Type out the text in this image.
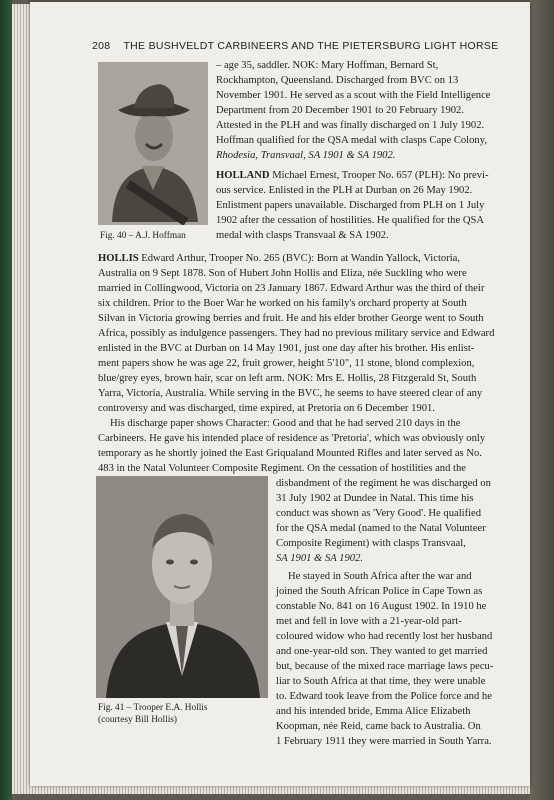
208 THE BUSHVELDT CARBINEERS AND THE PIETERSBURG LIGHT HORSE
Fig. 40 – A.J. Hoffman
– age 35, saddler. NOK: Mary Hoffman, Bernard St,
Rockhampton, Queensland. Discharged from BVC on 13
November 1901. He served as a scout with the Field Intelligence
Department from 20 December 1901 to 20 February 1902.
Attested in the PLH and was finally discharged on 1 July 1902.
Hoffman qualified for the QSA medal with clasps Cape Colony,
Rhodesia, Transvaal, SA 1901 & SA 1902.
HOLLAND Michael Ernest, Trooper No. 657 (PLH): No previ-
ous service. Enlisted in the PLH at Durban on 26 May 1902.
Enlistment papers unavailable. Discharged from PLH on 1 July
1902 after the cessation of hostilities. He qualified for the QSA
medal with clasps Transvaal & SA 1902.
HOLLIS Edward Arthur, Trooper No. 265 (BVC): Born at Wandin Yallock, Victoria,
Australia on 9 Sept 1878. Son of Hubert John Hollis and Eliza, née Suckling who were
married in Collingwood, Victoria on 23 January 1867. Edward Arthur was the third of their
six children. Prior to the Boer War he worked on his family's orchard property at South
Silvan in Victoria growing berries and fruit. He and his elder brother George went to South
Africa, possibly as indulgence passengers. They had no previous military service and Edward
enlisted in the BVC at Durban on 14 May 1901, just one day after his brother. His enlist-
ment papers show he was age 22, fruit grower, height 5'10", 11 stone, blond complexion,
blue/grey eyes, brown hair, scar on left arm. NOK: Mrs E. Hollis, 28 Fitzgerald St, South
Yarra, Victoria, Australia. While serving in the BVC, he seems to have steered clear of any
controversy and was discharged, time expired, at Pretoria on 6 December 1901.
His discharge paper shows Character: Good and that he had served 210 days in the
Carbineers. He gave his intended place of residence as 'Pretoria', which was obviously only
temporary as he shortly joined the East Griqualand Mounted Rifles and later served as No.
483 in the Natal Volunteer Composite Regiment. On the cessation of hostilities and the
disbandment of the regiment he was discharged on
31 July 1902 at Dundee in Natal. This time his
conduct was shown as 'Very Good'. He qualified
for the QSA medal (named to the Natal Volunteer
Composite Regiment) with clasps Transvaal,
SA 1901 & SA 1902.
Fig. 41 – Trooper E.A. Hollis
(courtesy Bill Hollis)
He stayed in South Africa after the war and
joined the South African Police in Cape Town as
constable No. 841 on 16 August 1902. In 1910 he
met and fell in love with a 21-year-old part-
coloured widow who had recently lost her husband
and one-year-old son. They wanted to get married
but, because of the mixed race marriage laws pecu-
liar to South Africa at that time, they were unable
to. Edward took leave from the Police force and he
and his intended bride, Emma Alice Elizabeth
Koopman, née Reid, came back to Australia. On
1 February 1911 they were married in South Yarra.
